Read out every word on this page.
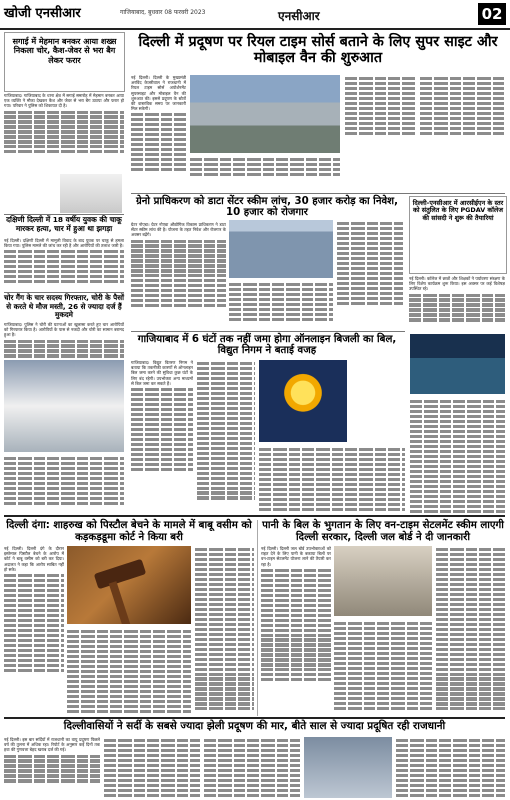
खोजी एनसीआर	गाजियाबाद, बुधवार 08 फरवरी 2023	एनसीआर	02
सगाई में मेहमान बनकर आया शख्स निकला चोर, कैश-जेवर से भरा बैग लेकर फरार
गाजियाबाद। गाजियाबाद के थाना क्षेत्र में सगाई समारोह में मेहमान बनकर आया एक व्यक्ति ने मौका देखकर कैश और जेवर से भरा बैग उठाया और फरार हो गया। परिवार ने पुलिस को शिकायत दी है।
दक्षिणी दिल्ली में 18 वर्षीय युवक की चाकू मारकर हत्या, चार में हुआ था झगड़ा
नई दिल्ली। दक्षिणी दिल्ली में मामूली विवाद के बाद युवक पर चाकू से हमला किया गया। पुलिस मामले की जांच कर रही है और आरोपियों की तलाश जारी है।
चोर गैंग के चार सदस्य गिरफ्तार, चोरी के पैसों से करते थे मौज मस्ती, 26 से ज्यादा दर्ज हैं मुकदमे
गाजियाबाद। पुलिस ने चोरी की घटनाओं का खुलासा करते हुए चार आरोपियों को गिरफ्तार किया है। आरोपियों के पास से नकदी और चोरी का सामान बरामद हुआ है।
दिल्ली में प्रदूषण पर रियल टाइम सोर्स बताने के लिए सुपर साइट और मोबाइल वैन की शुरुआत
नई दिल्ली। दिल्ली के मुख्यमंत्री अरविंद केजरीवाल ने राजधानी में रियल टाइम सोर्स अपोर्शनमेंट सुपरसाइट और मोबाइल वैन की शुरुआत की। इससे प्रदूषण के स्रोतों की वास्तविक समय पर जानकारी मिल सकेगी।
ग्रेनो प्राधिकरण को डाटा सेंटर स्कीम लांच, 30 हजार करोड़ का निवेश, 10 हजार को रोजगार
ग्रेटर नोएडा। ग्रेटर नोएडा औद्योगिक विकास प्राधिकरण ने डाटा सेंटर स्कीम लांच की है। योजना के तहत निवेश और रोजगार के अवसर बढ़ेंगे।
दिल्ली-एनसीआर में आरसीईएन के स्तर को संतुलित के लिए PGDAV कॉलेज की सांसदी ने शुरू की तैयारियां
नई दिल्ली। कॉलेज में छात्रों और शिक्षकों ने पर्यावरण संरक्षण के लिए विशेष कार्यक्रम शुरू किया। इस अवसर पर कई विशेषज्ञ उपस्थित रहे।
गाजियाबाद में 6 घंटों तक नहीं जमा होगा ऑनलाइन बिजली का बिल, विद्युत निगम ने बताई वजह
गाजियाबाद। विद्युत वितरण निगम ने बताया कि तकनीकी कारणों से ऑनलाइन बिल जमा करने की सुविधा कुछ घंटों के लिए बंद रहेगी। उपभोक्ता अन्य माध्यमों से बिल जमा कर सकते हैं।
दिल्ली दंगा: शाहरुख को पिस्टौल बेचने के मामले में बाबू वसीम को कड़कड़डूमा कोर्ट ने किया बरी
नई दिल्ली। दिल्ली दंगे के दौरान इस्तेमाल पिस्टौल बेचने के आरोप में कोर्ट ने बाबू वसीम को बरी कर दिया। अदालत ने कहा कि आरोप साबित नहीं हो सके।
पानी के बिल के भुगतान के लिए वन-टाइम सेटलमेंट स्कीम लाएगी दिल्ली सरकार, दिल्ली जल बोर्ड ने दी जानकारी
नई दिल्ली। दिल्ली जल बोर्ड उपभोक्ताओं को राहत देने के लिए पानी के बकाया बिलों पर वन-टाइम सेटलमेंट योजना लाने की तैयारी कर रहा है।
दिल्लीवासियों ने सर्दी के सबसे ज्यादा झेली प्रदूषण की मार, बीते साल से ज्यादा प्रदूषित रही राजधानी
नई दिल्ली। इस बार सर्दियों में राजधानी का वायु प्रदूषण पिछले वर्ष की तुलना में अधिक रहा। रिपोर्ट के अनुसार कई दिनों तक हवा की गुणवत्ता बेहद खराब दर्ज की गई।
